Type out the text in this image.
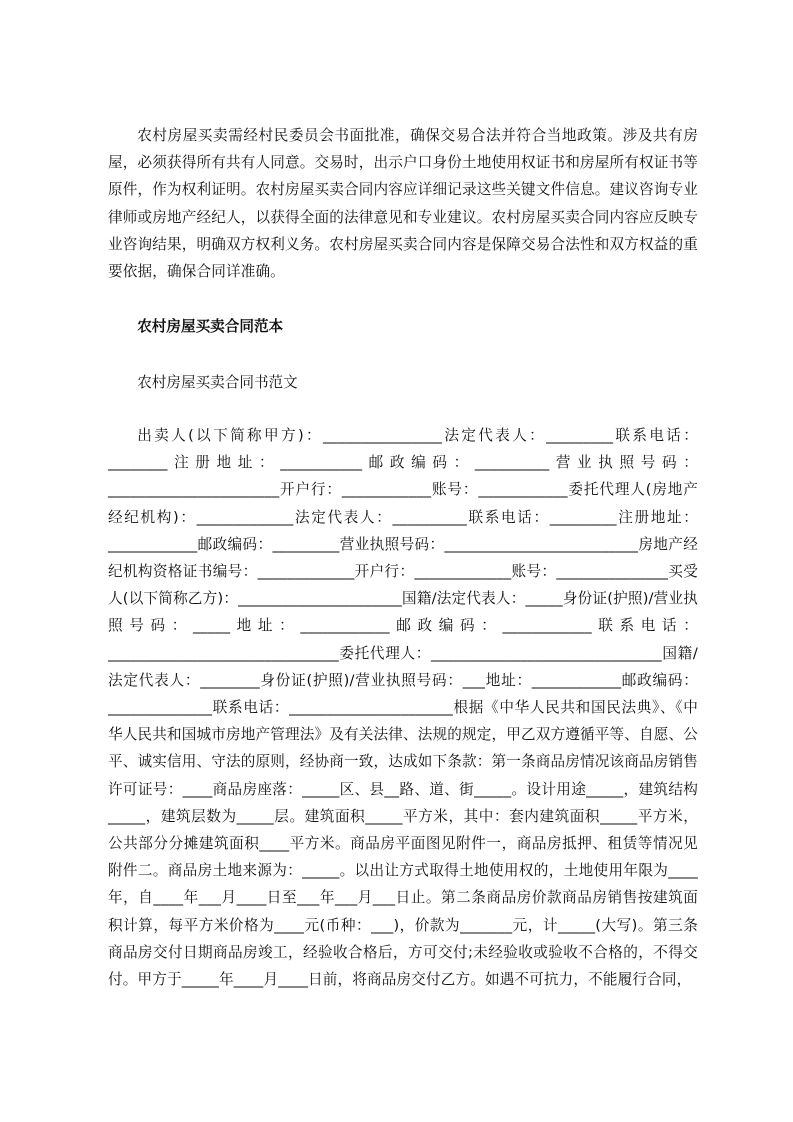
农村房屋买卖需经村民委员会书面批准，确保交易合法并符合当地政策。涉及共有房屋，必须获得所有共有人同意。交易时，出示户口身份土地使用权证书和房屋所有权证书等原件，作为权利证明。农村房屋买卖合同内容应详细记录这些关键文件信息。建议咨询专业律师或房地产经纪人，以获得全面的法律意见和专业建议。农村房屋买卖合同内容应反映专业咨询结果，明确双方权利义务。农村房屋买卖合同内容是保障交易合法性和双方权益的重要依据，确保合同详准确。

农村房屋买卖合同范本

农村房屋买卖合同书范文

出卖人(以下简称甲方)：________________法定代表人：_________联系电话：________注册地址：___________邮政编码：__________营业执照号码：_______________________开户行：____________账号：____________委托代理人(房地产经纪机构)：_____________法定代表人：__________联系电话：_________注册地址：____________邮政编码：_________营业执照号码：__________________________房地产经纪机构资格证书编号：_____________开户行：_____________账号：_______________买受人(以下简称乙方)：______________________国籍/法定代表人：_____身份证(护照)/营业执照号码：_____地址：____________邮政编码：____________联系电话：_______________________________委托代理人：_______________________________国籍/法定代表人：________身份证(护照)/营业执照号码：___地址：____________邮政编码：______________联系电话：______________________根据《中华人民共和国民法典》、《中华人民共和国城市房地产管理法》及有关法律、法规的规定，甲乙双方遵循平等、自愿、公平、诚实信用、守法的原则，经协商一致，达成如下条款：第一条商品房情况该商品房销售许可证号：____商品房座落：_____区、县__路、道、街_____。设计用途_____，建筑结构_____，建筑层数为_____层。建筑面积_____平方米，其中：套内建筑面积_____平方米，公共部分分摊建筑面积____平方米。商品房平面图见附件一，商品房抵押、租赁等情况见附件二。商品房土地来源为：_____。以出让方式取得土地使用权的，土地使用年限为____年，自____年___月____日至___年___月___日止。第二条商品房价款商品房销售按建筑面积计算，每平方米价格为____元(币种：___)，价款为_______元，计_____(大写)。第三条商品房交付日期商品房竣工，经验收合格后，方可交付;未经验收或验收不合格的，不得交付。甲方于_____年____月____日前，将商品房交付乙方。如遇不可抗力，不能履行合同，
